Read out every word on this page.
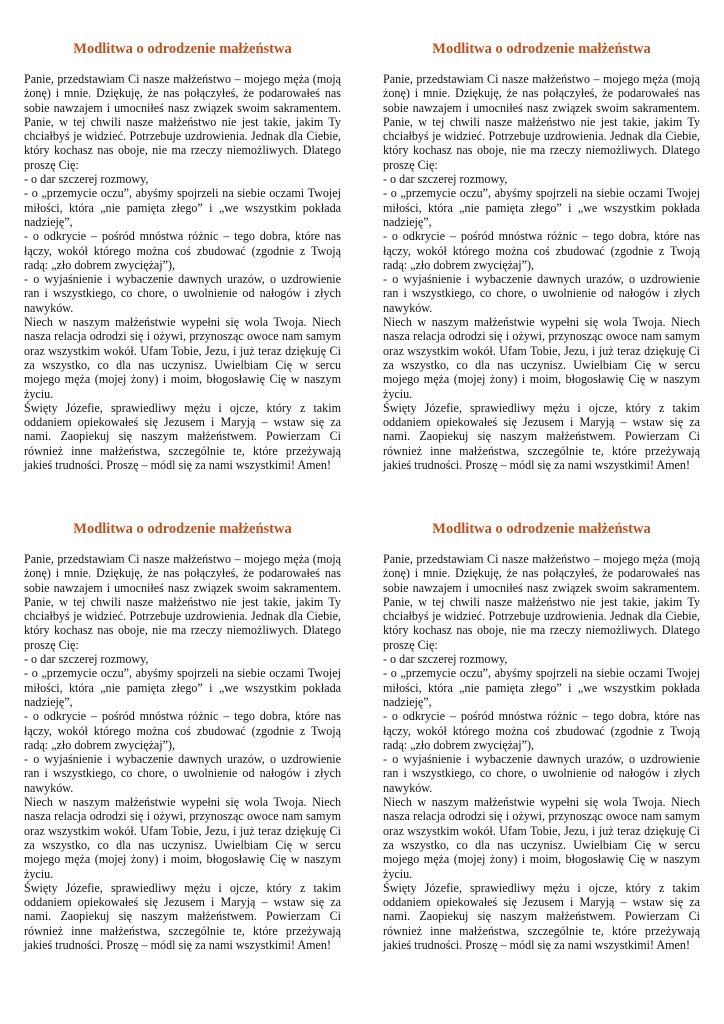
Modlitwa o odrodzenie małżeństwa

Panie, przedstawiam Ci nasze małżeństwo – mojego męża (moją żonę) i mnie. Dziękuję, że nas połączyłeś, że podarowałeś nas sobie nawzajem i umocniłeś nasz związek swoim sakramentem. Panie, w tej chwili nasze małżeństwo nie jest takie, jakim Ty chciałbyś je widzieć. Potrzebuje uzdrowienia. Jednak dla Ciebie, który kochasz nas oboje, nie ma rzeczy niemożliwych. Dlatego proszę Cię:

- o dar szczerej rozmowy,

- o „przemycie oczu”, abyśmy spojrzeli na siebie oczami Twojej miłości, która „nie pamięta złego” i „we wszystkim pokłada nadzieję”,

- o odkrycie – pośród mnóstwa różnic – tego dobra, które nas łączy, wokół którego można coś zbudować (zgodnie z Twoją radą: „zło dobrem zwyciężaj”),

- o wyjaśnienie i wybaczenie dawnych urazów, o uzdrowienie ran i wszystkiego, co chore, o uwolnienie od nałogów i złych nawyków.

Niech w naszym małżeństwie wypełni się wola Twoja. Niech nasza relacja odrodzi się i ożywi, przynosząc owoce nam samym oraz wszystkim wokół. Ufam Tobie, Jezu, i już teraz dziękuję Ci za wszystko, co dla nas uczynisz. Uwielbiam Cię w sercu mojego męża (mojej żony) i moim, błogosławię Cię w naszym życiu.

Święty Józefie, sprawiedliwy mężu i ojcze, który z takim oddaniem opiekowałeś się Jezusem i Maryją – wstaw się za nami. Zaopiekuj się naszym małżeństwem. Powierzam Ci również inne małżeństwa, szczególnie te, które przeżywają jakieś trudności. Proszę – módl się za nami wszystkimi! Amen!

Modlitwa o odrodzenie małżeństwa

Panie, przedstawiam Ci nasze małżeństwo – mojego męża (moją żonę) i mnie. Dziękuję, że nas połączyłeś, że podarowałeś nas sobie nawzajem i umocniłeś nasz związek swoim sakramentem. Panie, w tej chwili nasze małżeństwo nie jest takie, jakim Ty chciałbyś je widzieć. Potrzebuje uzdrowienia. Jednak dla Ciebie, który kochasz nas oboje, nie ma rzeczy niemożliwych. Dlatego proszę Cię:

- o dar szczerej rozmowy,

- o „przemycie oczu”, abyśmy spojrzeli na siebie oczami Twojej miłości, która „nie pamięta złego” i „we wszystkim pokłada nadzieję”,

- o odkrycie – pośród mnóstwa różnic – tego dobra, które nas łączy, wokół którego można coś zbudować (zgodnie z Twoją radą: „zło dobrem zwyciężaj”),

- o wyjaśnienie i wybaczenie dawnych urazów, o uzdrowienie ran i wszystkiego, co chore, o uwolnienie od nałogów i złych nawyków.

Niech w naszym małżeństwie wypełni się wola Twoja. Niech nasza relacja odrodzi się i ożywi, przynosząc owoce nam samym oraz wszystkim wokół. Ufam Tobie, Jezu, i już teraz dziękuję Ci za wszystko, co dla nas uczynisz. Uwielbiam Cię w sercu mojego męża (mojej żony) i moim, błogosławię Cię w naszym życiu.

Święty Józefie, sprawiedliwy mężu i ojcze, który z takim oddaniem opiekowałeś się Jezusem i Maryją – wstaw się za nami. Zaopiekuj się naszym małżeństwem. Powierzam Ci również inne małżeństwa, szczególnie te, które przeżywają jakieś trudności. Proszę – módl się za nami wszystkimi! Amen!

Modlitwa o odrodzenie małżeństwa

Panie, przedstawiam Ci nasze małżeństwo – mojego męża (moją żonę) i mnie. Dziękuję, że nas połączyłeś, że podarowałeś nas sobie nawzajem i umocniłeś nasz związek swoim sakramentem. Panie, w tej chwili nasze małżeństwo nie jest takie, jakim Ty chciałbyś je widzieć. Potrzebuje uzdrowienia. Jednak dla Ciebie, który kochasz nas oboje, nie ma rzeczy niemożliwych. Dlatego proszę Cię:

- o dar szczerej rozmowy,

- o „przemycie oczu”, abyśmy spojrzeli na siebie oczami Twojej miłości, która „nie pamięta złego” i „we wszystkim pokłada nadzieję”,

- o odkrycie – pośród mnóstwa różnic – tego dobra, które nas łączy, wokół którego można coś zbudować (zgodnie z Twoją radą: „zło dobrem zwyciężaj”),

- o wyjaśnienie i wybaczenie dawnych urazów, o uzdrowienie ran i wszystkiego, co chore, o uwolnienie od nałogów i złych nawyków.

Niech w naszym małżeństwie wypełni się wola Twoja. Niech nasza relacja odrodzi się i ożywi, przynosząc owoce nam samym oraz wszystkim wokół. Ufam Tobie, Jezu, i już teraz dziękuję Ci za wszystko, co dla nas uczynisz. Uwielbiam Cię w sercu mojego męża (mojej żony) i moim, błogosławię Cię w naszym życiu.

Święty Józefie, sprawiedliwy mężu i ojcze, który z takim oddaniem opiekowałeś się Jezusem i Maryją – wstaw się za nami. Zaopiekuj się naszym małżeństwem. Powierzam Ci również inne małżeństwa, szczególnie te, które przeżywają jakieś trudności. Proszę – módl się za nami wszystkimi! Amen!

Modlitwa o odrodzenie małżeństwa

Panie, przedstawiam Ci nasze małżeństwo – mojego męża (moją żonę) i mnie. Dziękuję, że nas połączyłeś, że podarowałeś nas sobie nawzajem i umocniłeś nasz związek swoim sakramentem. Panie, w tej chwili nasze małżeństwo nie jest takie, jakim Ty chciałbyś je widzieć. Potrzebuje uzdrowienia. Jednak dla Ciebie, który kochasz nas oboje, nie ma rzeczy niemożliwych. Dlatego proszę Cię:

- o dar szczerej rozmowy,

- o „przemycie oczu”, abyśmy spojrzeli na siebie oczami Twojej miłości, która „nie pamięta złego” i „we wszystkim pokłada nadzieję”,

- o odkrycie – pośród mnóstwa różnic – tego dobra, które nas łączy, wokół którego można coś zbudować (zgodnie z Twoją radą: „zło dobrem zwyciężaj”),

- o wyjaśnienie i wybaczenie dawnych urazów, o uzdrowienie ran i wszystkiego, co chore, o uwolnienie od nałogów i złych nawyków.

Niech w naszym małżeństwie wypełni się wola Twoja. Niech nasza relacja odrodzi się i ożywi, przynosząc owoce nam samym oraz wszystkim wokół. Ufam Tobie, Jezu, i już teraz dziękuję Ci za wszystko, co dla nas uczynisz. Uwielbiam Cię w sercu mojego męża (mojej żony) i moim, błogosławię Cię w naszym życiu.

Święty Józefie, sprawiedliwy mężu i ojcze, który z takim oddaniem opiekowałeś się Jezusem i Maryją – wstaw się za nami. Zaopiekuj się naszym małżeństwem. Powierzam Ci również inne małżeństwa, szczególnie te, które przeżywają jakieś trudności. Proszę – módl się za nami wszystkimi! Amen!
